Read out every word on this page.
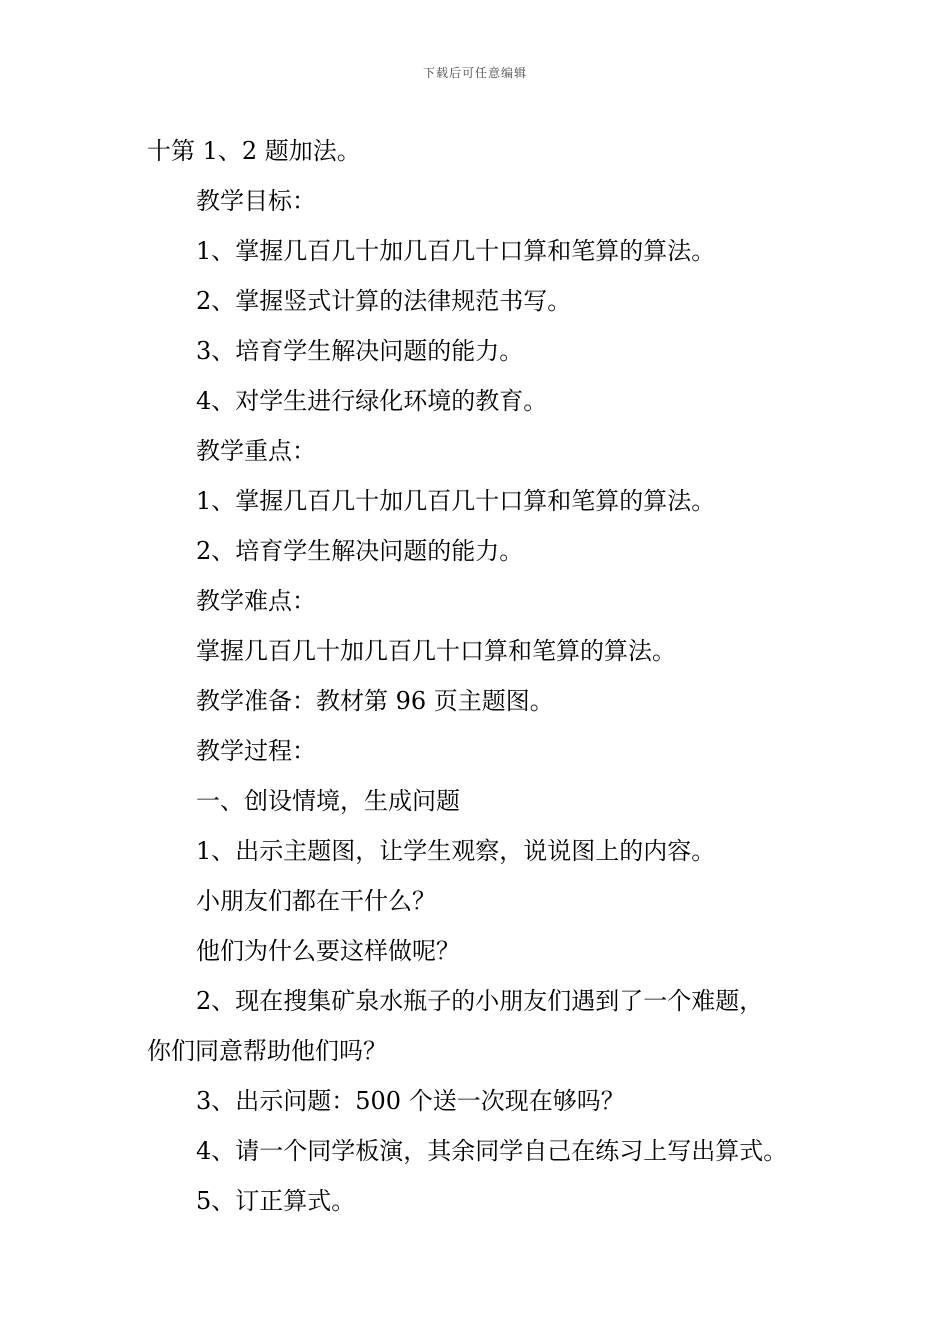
下载后可任意编辑
十第 1、2 题加法。
教学目标：
1、掌握几百几十加几百几十口算和笔算的算法。
2、掌握竖式计算的法律规范书写。
3、培育学生解决问题的能力。
4、对学生进行绿化环境的教育。
教学重点：
1、掌握几百几十加几百几十口算和笔算的算法。
2、培育学生解决问题的能力。
教学难点：
掌握几百几十加几百几十口算和笔算的算法。
教学准备：教材第 96 页主题图。
教学过程：
一、创设情境，生成问题
1、出示主题图，让学生观察，说说图上的内容。
小朋友们都在干什么？
他们为什么要这样做呢？
2、现在搜集矿泉水瓶子的小朋友们遇到了一个难题，
你们同意帮助他们吗？
3、出示问题：500 个送一次现在够吗？
4、请一个同学板演，其余同学自己在练习上写出算式。
5、订正算式。
